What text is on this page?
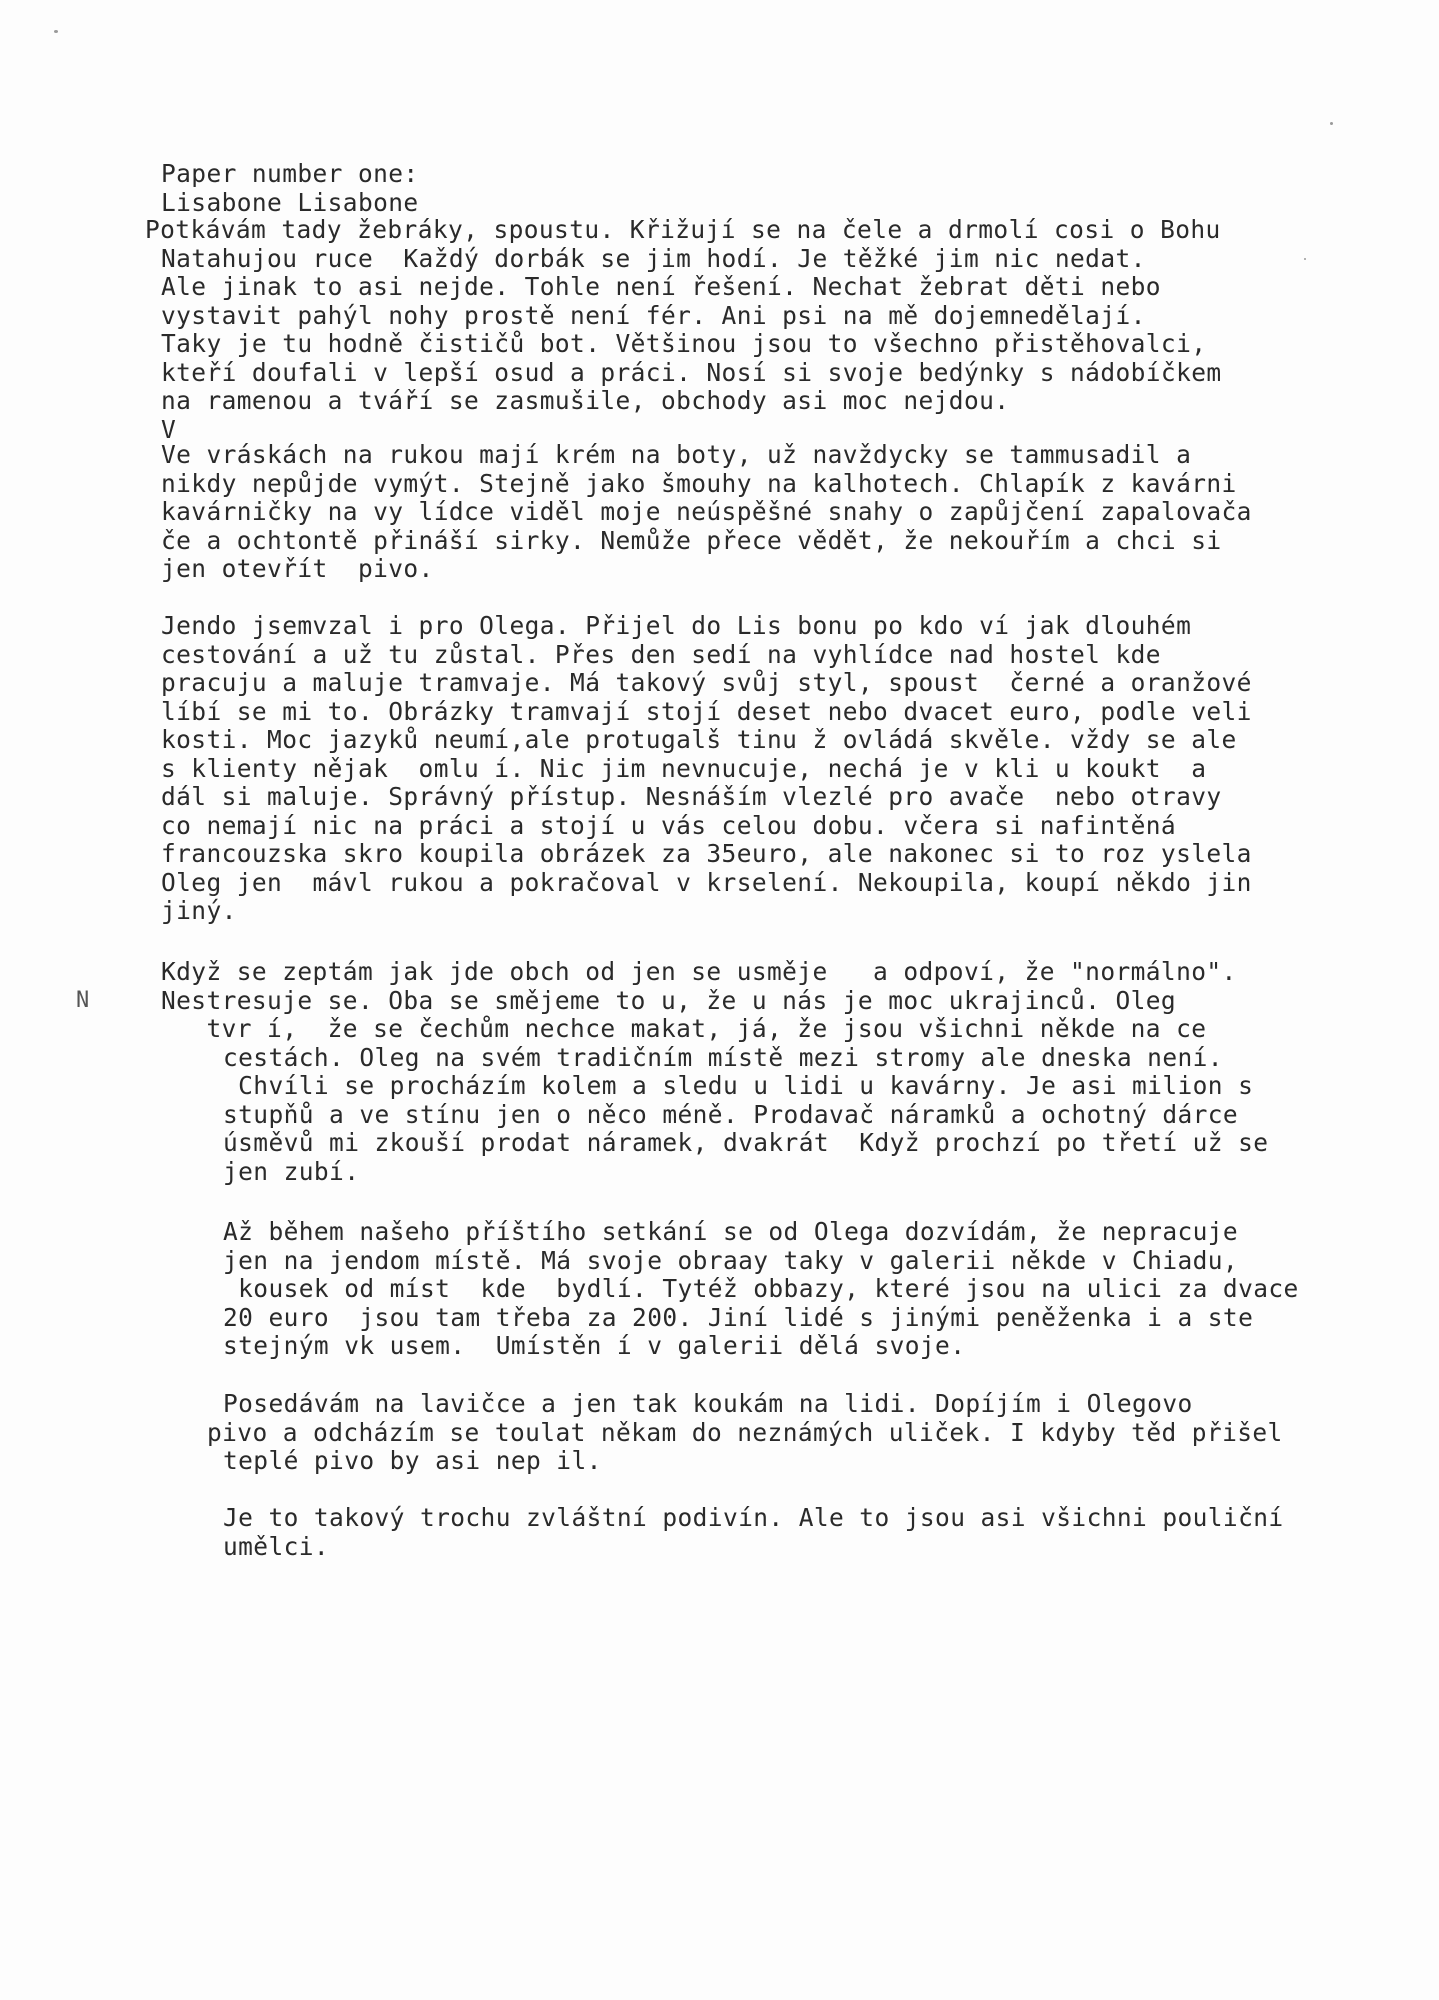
Paper number one:
Lisabone Lisabone
Potkávám tady žebráky, spoustu. Křižují se na čele a drmolí cosi o Bohu
Natahujou ruce  Každý dorbák se jim hodí. Je těžké jim nic nedat.
Ale jinak to asi nejde. Tohle není řešení. Nechat žebrat děti nebo
vystavit pahýl nohy prostě není fér. Ani psi na mě dojemnedělají.
Taky je tu hodně čističů bot. Většinou jsou to všechno přistěhovalci,
kteří doufali v lepší osud a práci. Nosí si svoje bedýnky s nádobíčkem
na ramenou a tváří se zasmušile, obchody asi moc nejdou.
V
Ve vráskách na rukou mají krém na boty, už navždycky se tammusadil a
nikdy nepůjde vymýt. Stejně jako šmouhy na kalhotech. Chlapík z kavárni
kavárničky na vy lídce viděl moje neúspěšné snahy o zapůjčení zapalovača
če a ochtontě přináší sirky. Nemůže přece vědět, že nekouřím a chci si
jen otevřít  pivo.
Jendo jsemvzal i pro Olega. Přijel do Lis bonu po kdo ví jak dlouhém
cestování a už tu zůstal. Přes den sedí na vyhlídce nad hostel kde
pracuju a maluje tramvaje. Má takový svůj styl, spoust  černé a oranžové
líbí se mi to. Obrázky tramvají stojí deset nebo dvacet euro, podle veli
kosti. Moc jazyků neumí,ale protugalš tinu ž ovládá skvěle. vždy se ale
s klienty nějak  omlu í. Nic jim nevnucuje, nechá je v kli u koukt  a
dál si maluje. Správný přístup. Nesnáším vlezlé pro avače  nebo otravy
co nemají nic na práci a stojí u vás celou dobu. včera si nafintěná
francouzska skro koupila obrázek za 35euro, ale nakonec si to roz yslela
Oleg jen  mávl rukou a pokračoval v krselení. Nekoupila, koupí někdo jin
jiný.
Když se zeptám jak jde obch od jen se usměje   a odpoví, že "normálno".
Nestresuje se. Oba se smějeme to u, že u nás je moc ukrajinců. Oleg
tvr í,  že se čechům nechce makat, já, že jsou všichni někde na ce
cestách. Oleg na svém tradičním místě mezi stromy ale dneska není.
Chvíli se procházím kolem a sledu u lidi u kavárny. Je asi milion s
stupňů a ve stínu jen o něco méně. Prodavač náramků a ochotný dárce
úsměvů mi zkouší prodat náramek, dvakrát  Když prochzí po třetí už se
jen zubí.
Až během našeho příštího setkání se od Olega dozvídám, že nepracuje
jen na jendom místě. Má svoje obraay taky v galerii někde v Chiadu,
kousek od míst  kde  bydlí. Tytéž obbazy, které jsou na ulici za dvace
20 euro  jsou tam třeba za 200. Jiní lidé s jinými peněženka i a ste
stejným vk usem.  Umístěn í v galerii dělá svoje.
Posedávám na lavičce a jen tak koukám na lidi. Dopíjím i Olegovo
pivo a odcházím se toulat někam do neznámých uliček. I kdyby těd přišel
teplé pivo by asi nep il.
Je to takový trochu zvláštní podivín. Ale to jsou asi všichni pouliční
umělci.
N
